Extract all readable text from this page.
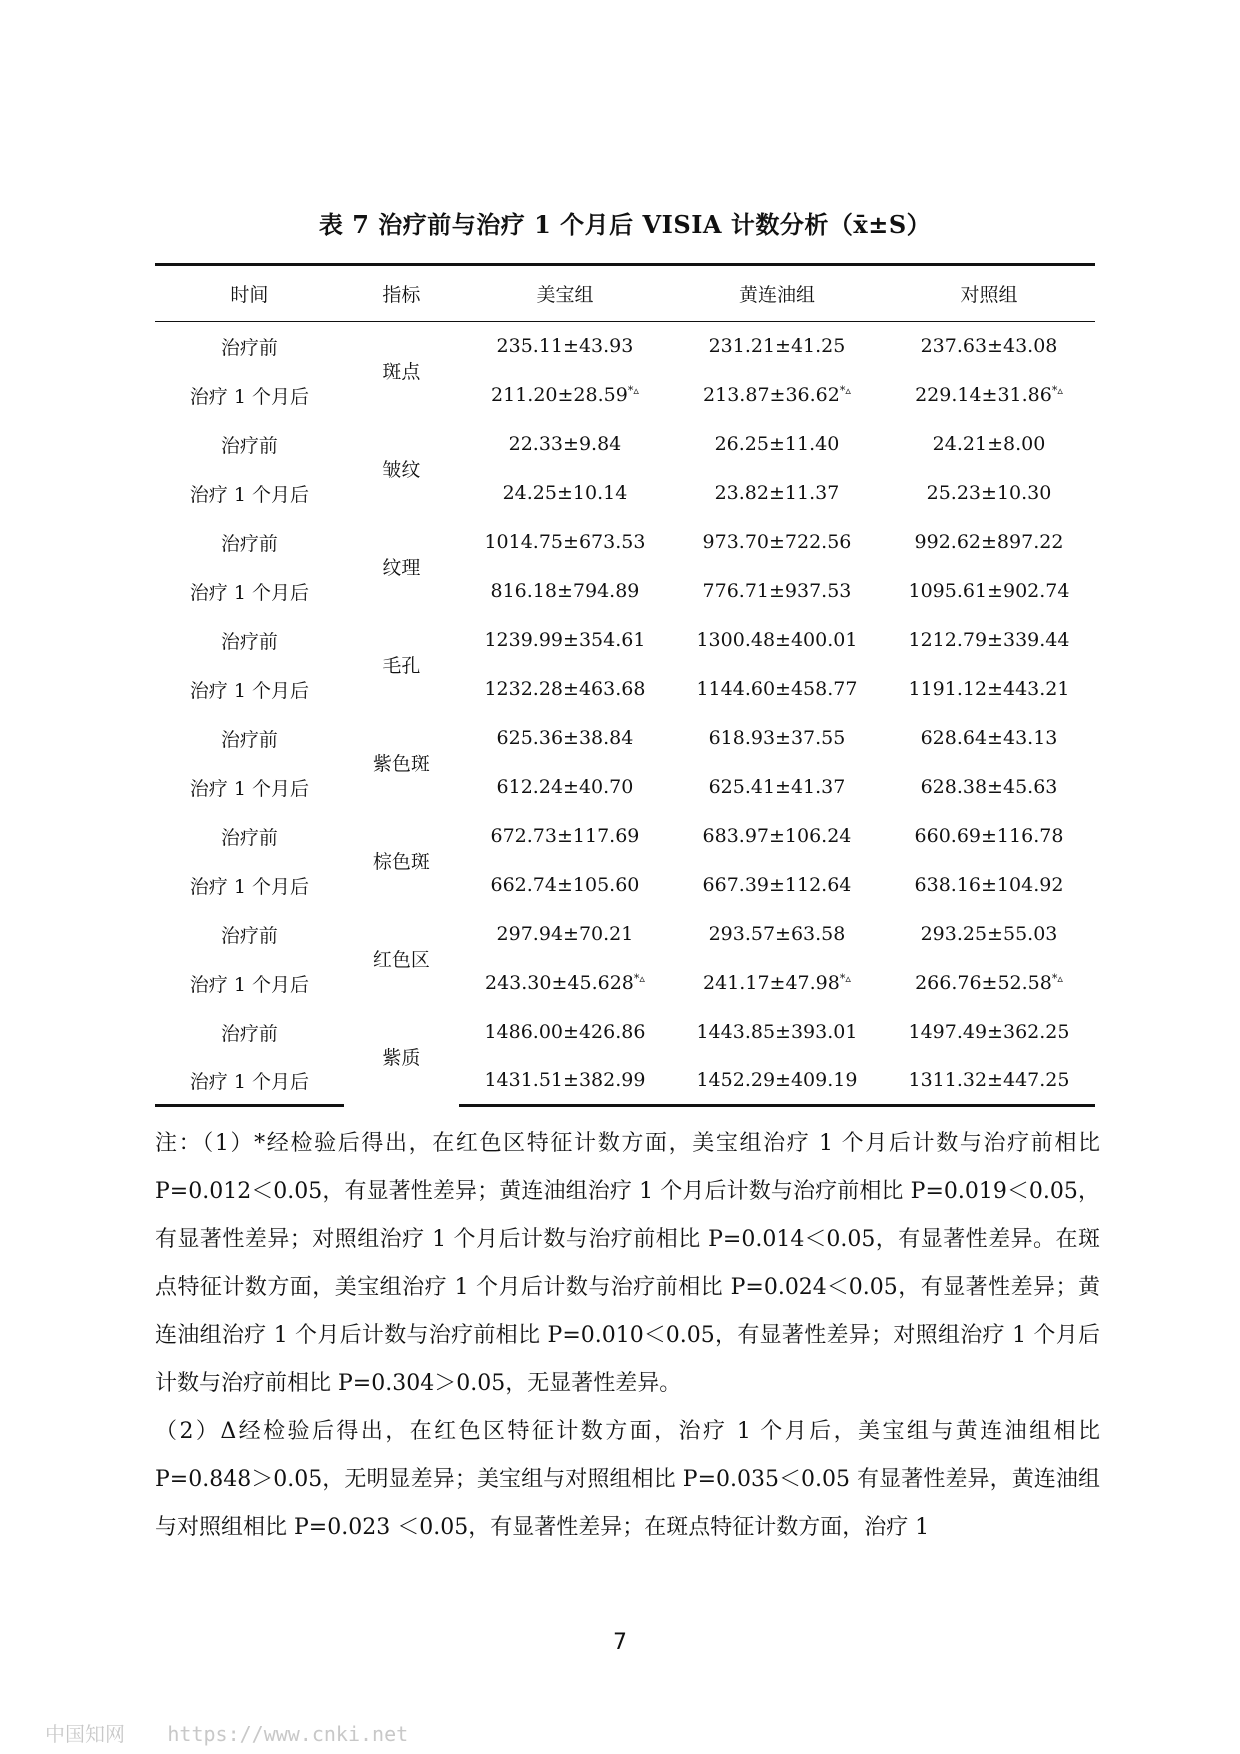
表 7 治疗前与治疗 1 个月后 VISIA 计数分析（x̄±S）
时间	指标	美宝组	黄连油组	对照组
治疗前	斑点	235.11±43.93	231.21±41.25	237.63±43.08
治疗 1 个月后		211.20±28.59*▵	213.87±36.62*▵	229.14±31.86*▵
治疗前	皱纹	22.33±9.84	26.25±11.40	24.21±8.00
治疗 1 个月后		24.25±10.14	23.82±11.37	25.23±10.30
治疗前	纹理	1014.75±673.53	973.70±722.56	992.62±897.22
治疗 1 个月后		816.18±794.89	776.71±937.53	1095.61±902.74
治疗前	毛孔	1239.99±354.61	1300.48±400.01	1212.79±339.44
治疗 1 个月后		1232.28±463.68	1144.60±458.77	1191.12±443.21
治疗前	紫色斑	625.36±38.84	618.93±37.55	628.64±43.13
治疗 1 个月后		612.24±40.70	625.41±41.37	628.38±45.63
治疗前	棕色斑	672.73±117.69	683.97±106.24	660.69±116.78
治疗 1 个月后		662.74±105.60	667.39±112.64	638.16±104.92
治疗前	红色区	297.94±70.21	293.57±63.58	293.25±55.03
治疗 1 个月后		243.30±45.628*▵	241.17±47.98*▵	266.76±52.58*▵
治疗前	紫质	1486.00±426.86	1443.85±393.01	1497.49±362.25
治疗 1 个月后		1431.51±382.99	1452.29±409.19	1311.32±447.25

注：（1）*经检验后得出，在红色区特征计数方面，美宝组治疗 1 个月后计数与治疗前相比 P=0.012＜0.05，有显著性差异；黄连油组治疗 1 个月后计数与治疗前相比 P=0.019＜0.05，有显著性差异；对照组治疗 1 个月后计数与治疗前相比 P=0.014＜0.05，有显著性差异。在斑点特征计数方面，美宝组治疗 1 个月后计数与治疗前相比 P=0.024＜0.05，有显著性差异；黄连油组治疗 1 个月后计数与治疗前相比 P=0.010＜0.05，有显著性差异；对照组治疗 1 个月后计数与治疗前相比 P=0.304＞0.05，无显著性差异。

（2）Δ经检验后得出，在红色区特征计数方面，治疗 1 个月后，美宝组与黄连油组相比 P=0.848＞0.05，无明显差异；美宝组与对照组相比 P=0.035＜0.05 有显著性差异，黄连油组与对照组相比 P=0.023 ＜0.05，有显著性差异；在斑点特征计数方面，治疗 1

7
中国知网 https://www.cnki.net
